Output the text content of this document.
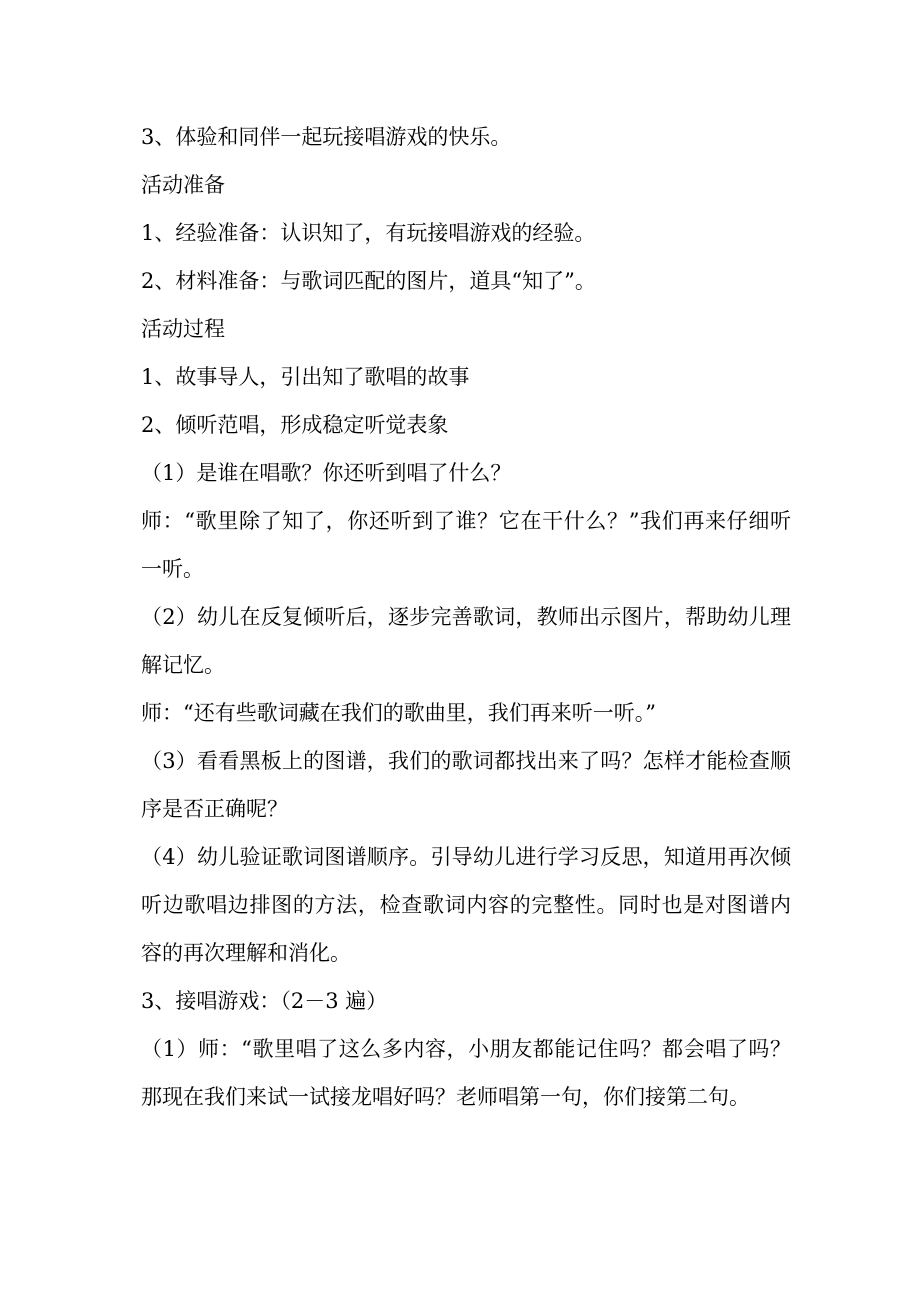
3、体验和同伴一起玩接唱游戏的快乐。

活动准备

1、经验准备：认识知了，有玩接唱游戏的经验。

2、材料准备：与歌词匹配的图片，道具“知了”。

活动过程

1、故事导人，引出知了歌唱的故事

2、倾听范唱，形成稳定听觉表象

（1）是谁在唱歌？你还听到唱了什么？

师：“歌里除了知了，你还听到了谁？它在干什么？”我们再来仔细听一听。

（2）幼儿在反复倾听后，逐步完善歌词，教师出示图片，帮助幼儿理解记忆。

师：“还有些歌词藏在我们的歌曲里，我们再来听一听。”

（3）看看黑板上的图谱，我们的歌词都找出来了吗？怎样才能检查顺序是否正确呢？

（4）幼儿验证歌词图谱顺序。引导幼儿进行学习反思，知道用再次倾听边歌唱边排图的方法，检查歌词内容的完整性。同时也是对图谱内容的再次理解和消化。

3、接唱游戏：（2－3 遍）

（1）师：“歌里唱了这么多内容，小朋友都能记住吗？都会唱了吗？那现在我们来试一试接龙唱好吗？老师唱第一句，你们接第二句。
